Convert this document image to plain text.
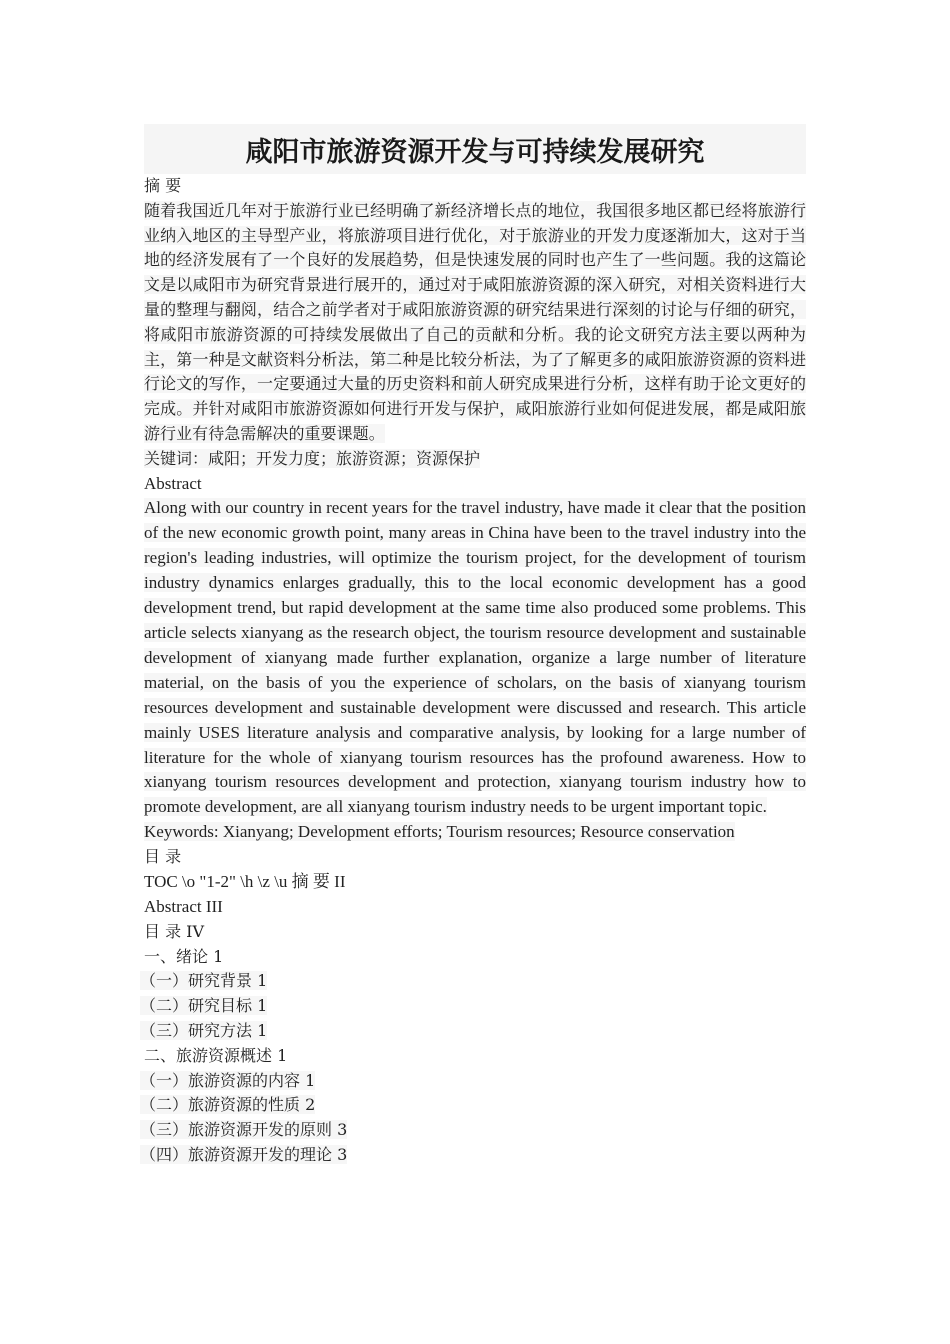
咸阳市旅游资源开发与可持续发展研究

摘 要

随着我国近几年对于旅游行业已经明确了新经济增长点的地位，我国很多地区都已经将旅游行业纳入地区的主导型产业，将旅游项目进行优化，对于旅游业的开发力度逐渐加大，这对于当地的经济发展有了一个良好的发展趋势，但是快速发展的同时也产生了一些问题。我的这篇论文是以咸阳市为研究背景进行展开的，通过对于咸阳旅游资源的深入研究，对相关资料进行大量的整理与翻阅，结合之前学者对于咸阳旅游资源的研究结果进行深刻的讨论与仔细的研究，将咸阳市旅游资源的可持续发展做出了自己的贡献和分析。我的论文研究方法主要以两种为主，第一种是文献资料分析法，第二种是比较分析法，为了了解更多的咸阳旅游资源的资料进行论文的写作，一定要通过大量的历史资料和前人研究成果进行分析，这样有助于论文更好的完成。并针对咸阳市旅游资源如何进行开发与保护，咸阳旅游行业如何促进发展，都是咸阳旅游行业有待急需解决的重要课题。

关键词：咸阳；开发力度；旅游资源；资源保护

Abstract

Along with our country in recent years for the travel industry, have made it clear that the position of the new economic growth point, many areas in China have been to the travel industry into the region's leading industries, will optimize the tourism project, for the development of tourism industry dynamics enlarges gradually, this to the local economic development has a good development trend, but rapid development at the same time also produced some problems. This article selects xianyang as the research object, the tourism resource development and sustainable development of xianyang made further explanation, organize a large number of literature material, on the basis of you the experience of scholars, on the basis of xianyang tourism resources development and sustainable development were discussed and research. This article mainly USES literature analysis and comparative analysis, by looking for a large number of literature for the whole of xianyang tourism resources has the profound awareness. How to xianyang tourism resources development and protection, xianyang tourism industry how to promote development, are all xianyang tourism industry needs to be urgent important topic.

Keywords: Xianyang; Development efforts; Tourism resources; Resource conservation

目 录

TOC \o "1-2" \h \z \u 摘 要 II

Abstract III

目 录 IV

一、绪论 1

（一）研究背景 1

（二）研究目标 1

（三）研究方法 1

二、旅游资源概述 1

（一）旅游资源的内容 1

（二）旅游资源的性质 2

（三）旅游资源开发的原则 3

（四）旅游资源开发的理论 3
